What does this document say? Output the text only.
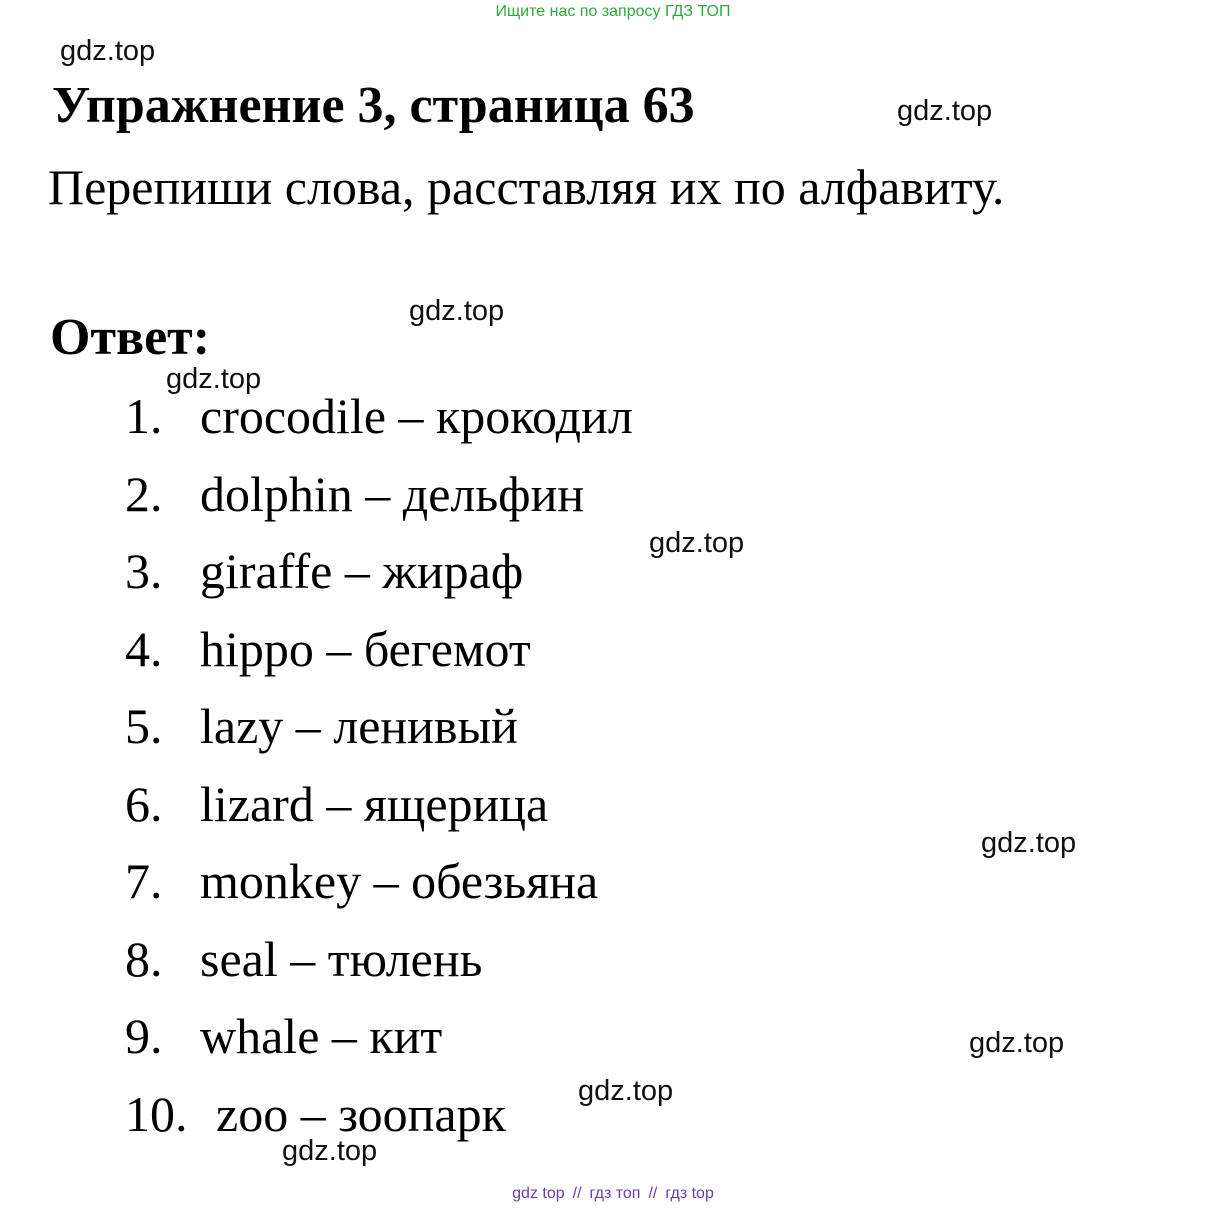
Ищите нас по запросу ГДЗ ТОП
gdz.top
Упражнение 3, страница 63	gdz.top
Перепиши слова, расставляя их по алфавиту.
gdz.top
Ответ:
gdz.top
1. crocodile – крокодил
2. dolphin – дельфин
3. giraffe – жираф
4. hippo – бегемот
5. lazy – ленивый
6. lizard – ящерица
7. monkey – обезьяна
8. seal – тюлень
9. whale – кит
10. zoo – зоопарк
gdz.top
gdz.top
gdz.top
gdz.top
gdz.top
gdz top // гдз топ // гдз top
